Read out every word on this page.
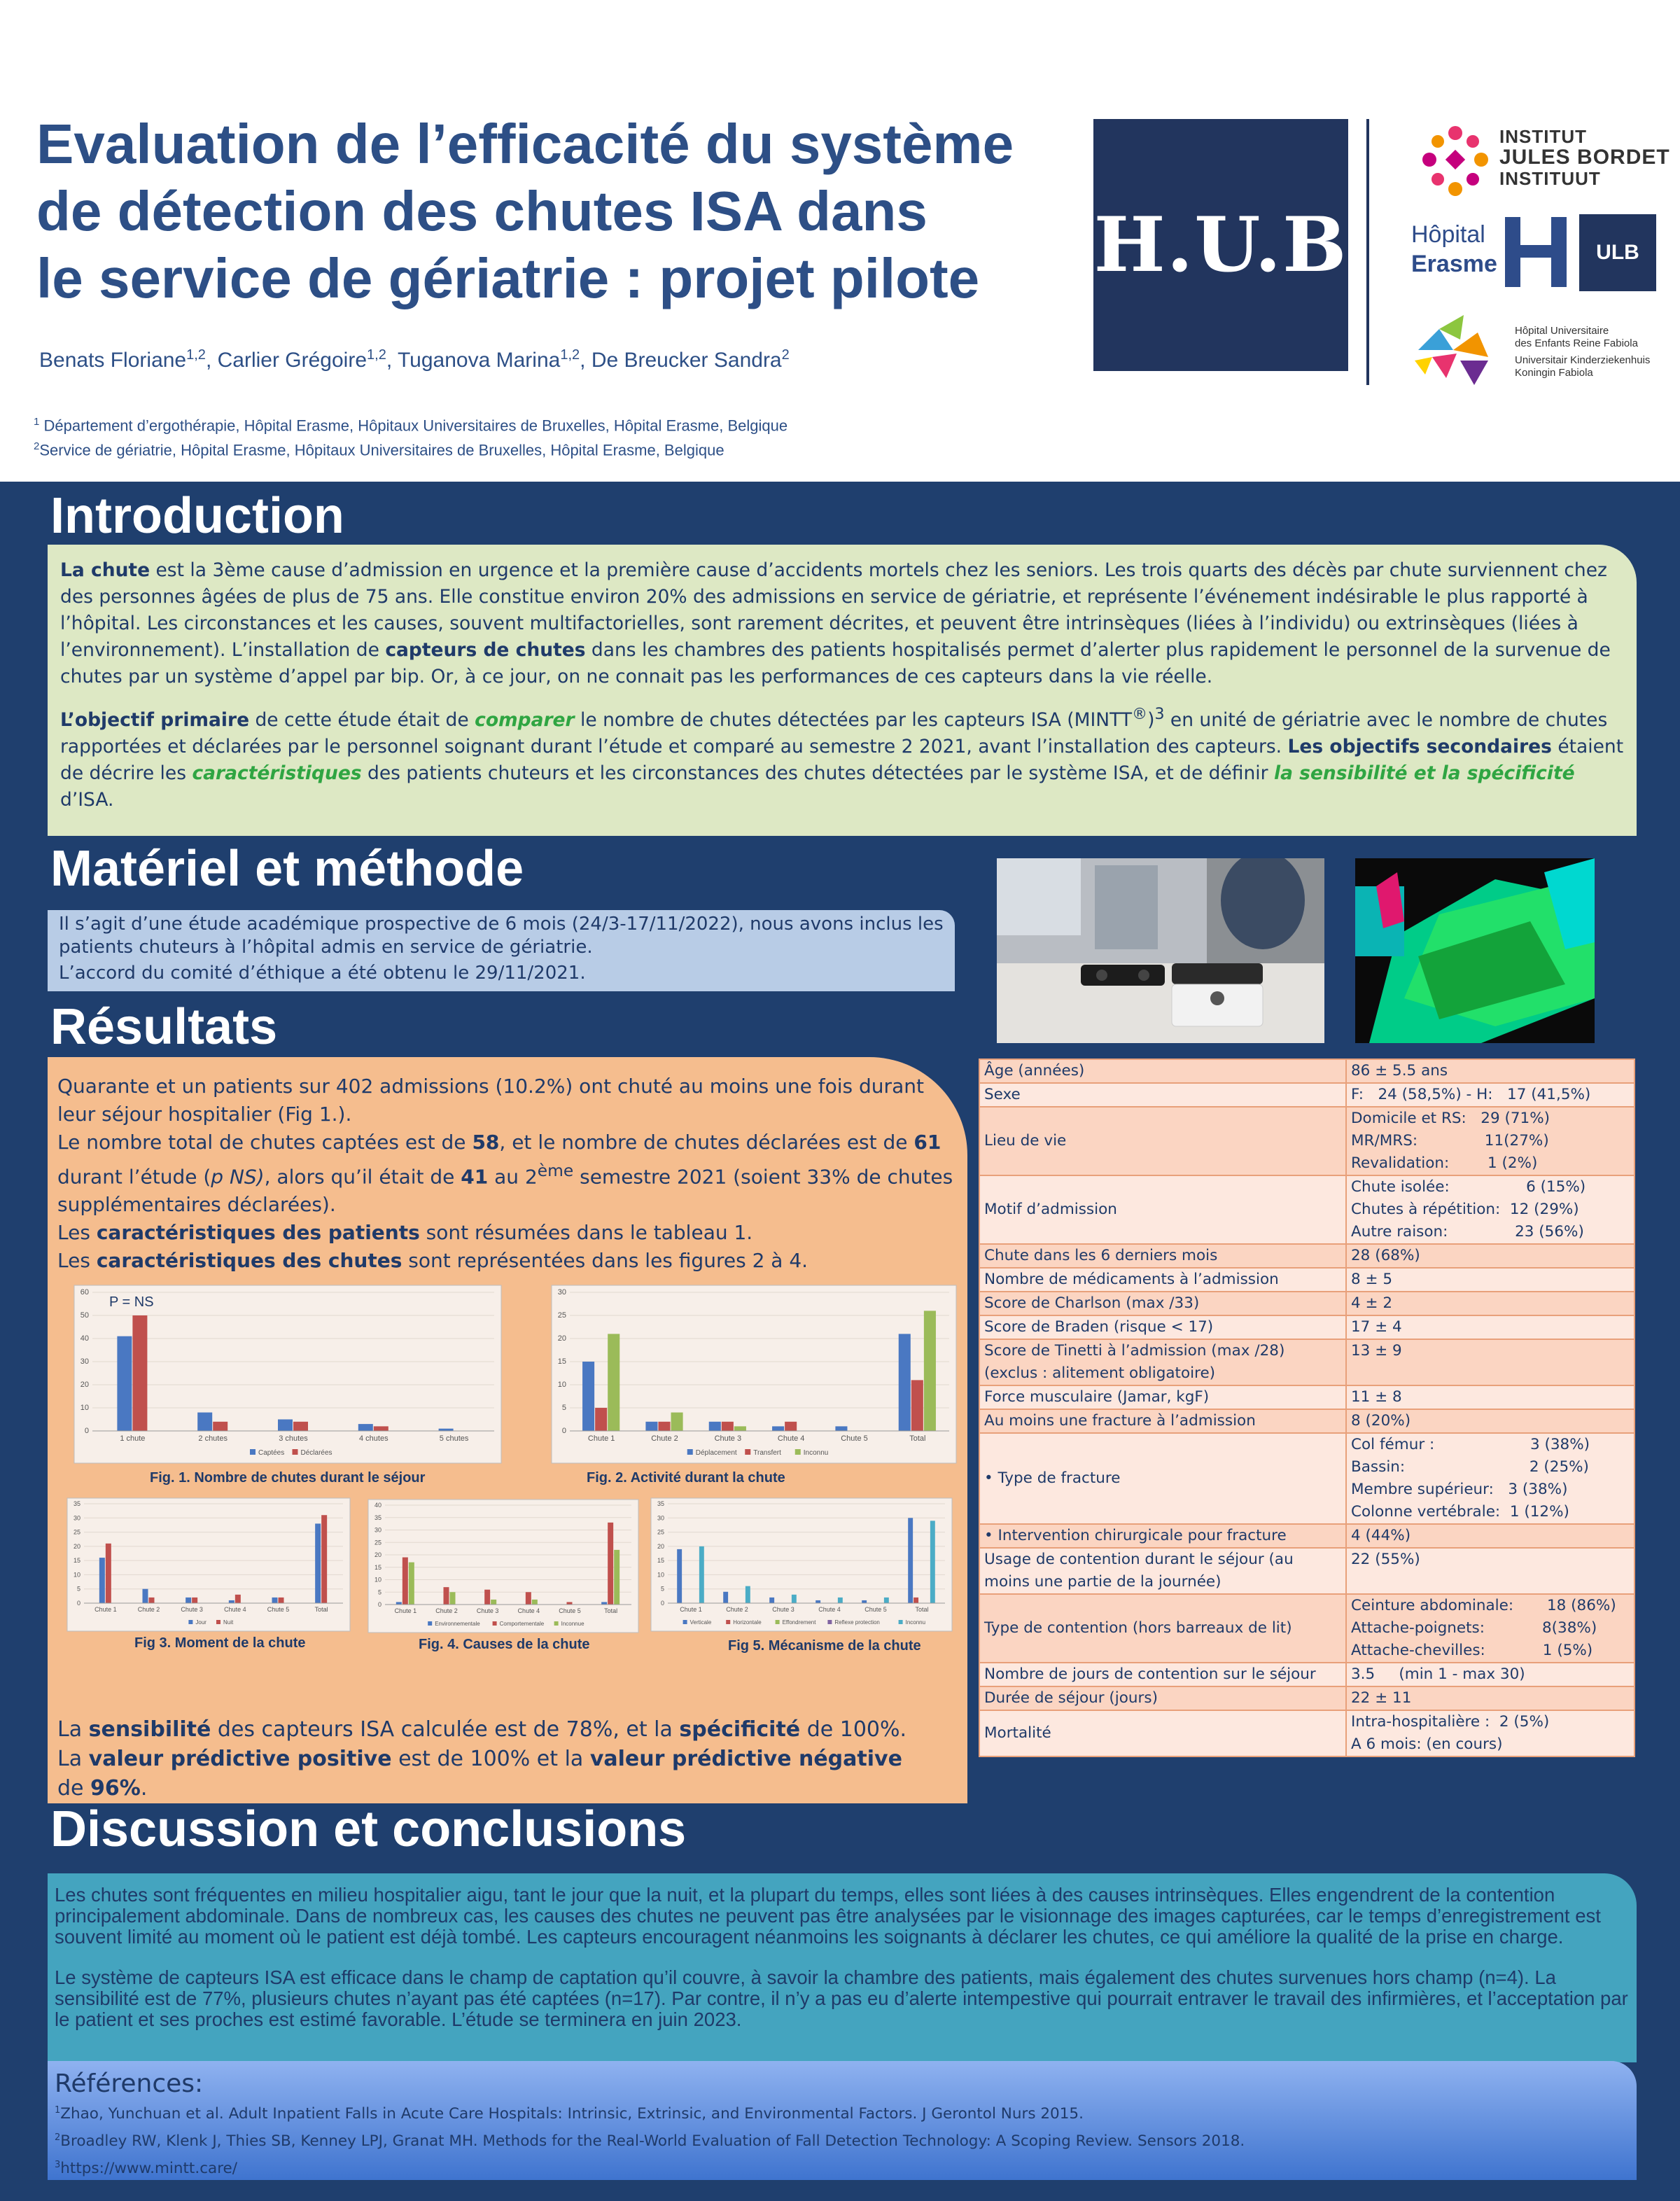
Evaluation de l’efficacité du système
de détection des chutes ISA dans
le service de gériatrie : projet pilote
Benats Floriane$^{1,2}$, Carlier Grégoire$^{1,2}$, Tuganova Marina$^{1,2}$, De Breucker Sandra$^2$
$^1$ Département d’ergothérapie, Hôpital Erasme, Hôpitaux Universitaires de Bruxelles, Hôpital Erasme, Belgique
$^2$Service de gériatrie, Hôpital Erasme, Hôpitaux Universitaires de Bruxelles, Hôpital Erasme, Belgique
H.U.B
INSTITUT
JULES BORDET
INSTITUUT
Hôpital
Erasme	ULB
Hôpital Universitaire
des Enfants Reine Fabiola
Universitair Kinderziekenhuis
Koningin Fabiola
Introduction

La chute est la 3ème cause d’admission en urgence et la première cause d’accidents mortels chez les seniors. Les trois quarts des décès par chute surviennent chez des personnes âgées de plus de 75 ans. Elle constitue environ 20% des admissions en service de gériatrie, et représente l’événement indésirable le plus rapporté à l’hôpital. Les circonstances et les causes, souvent multifactorielles, sont rarement décrites, et peuvent être intrinsèques (liées à l’individu) ou extrinsèques (liées à l’environnement). L’installation de capteurs de chutes dans les chambres des patients hospitalisés permet d’alerter plus rapidement le personnel de la survenue de chutes par un système d’appel par bip. Or, à ce jour, on ne connait pas les performances de ces capteurs dans la vie réelle.

L’objectif primaire de cette étude était de comparer le nombre de chutes détectées par les capteurs ISA (MINTT®)$^3$ en unité de gériatrie avec le nombre de chutes rapportées et déclarées par le personnel soignant durant l’étude et comparé au semestre 2 2021, avant l’installation des capteurs. Les objectifs secondaires étaient de décrire les caractéristiques des patients chuteurs et les circonstances des chutes détectées par le système ISA, et de définir la sensibilité et la spécificité d’ISA.

Matériel et méthode

Il s’agit d’une étude académique prospective de 6 mois (24/3-17/11/2022), nous avons inclus les patients chuteurs à l’hôpital admis en service de gériatrie.

L’accord du comité d’éthique a été obtenu le 29/11/2021.

Résultats

Quarante et un patients sur 402 admissions (10.2%) ont chuté au moins une fois durant leur séjour hospitalier (Fig 1.).

Le nombre total de chutes captées est de 58, et le nombre de chutes déclarées est de 61 durant l’étude (p NS), alors qu’il était de 41 au 2ème semestre 2021 (soient 33% de chutes supplémentaires déclarées).

Les caractéristiques des patients sont résumées dans le tableau 1.

Les caractéristiques des chutes sont représentées dans les figures 2 à 4.

La sensibilité des capteurs ISA calculée est de 78%, et la spécificité de 100%. La valeur prédictive positive est de 100% et la valeur prédictive négative de 96%.

0
10
20
30
40
50
60
1 chute	2 chutes	3 chutes	4 chutes	5 chutes
Captées Déclarées
P = NS
Fig. 1. Nombre de chutes durant le séjour
0
5
10
15
20
25
30
Chute 1	Chute 2	Chute 3	Chute 4	Chute 5	Total
Déplacement Transfert	Inconnu
Fig. 2. Activité durant la chute
0
5
10
15
20
25
30
35
Chute 1	Chute 2	Chute 3	Chute 4	Chute 5	Total
Jour	Nuit
Fig 3. Moment de la chute
0
5
10
15
20
25
30
35
40
Chute 1	Chute 2	Chute 3	Chute 4	Chute 5	Total
Environnementale	Comportementale	Inconnue
Fig. 4. Causes de la chute
0
5
10
15
20
25
30
35
Chute 1	Chute 2	Chute 3	Chute 4	Chute 5	Total
Verticale	Horizontale	Effondrement	Reflexe protection	Inconnu
Fig 5. Mécanisme de la chute
Âge (années)	86 ± 5.5 ans

Sexe	F:   24 (58,5%) - H:   17 (41,5%)

Lieu de vie	Domicile et RS:   29 (71%)
MR/MRS:              11(27%)
Revalidation:        1 (2%)

Motif d’admission	Chute isolée:                6 (15%)
Chutes à répétition:  12 (29%)
Autre raison:              23 (56%)

Chute dans les 6 derniers mois	28 (68%)

Nombre de médicaments à l’admission	8 ± 5

Score de Charlson (max /33)	4 ± 2

Score de Braden (risque < 17)	17 ± 4

Score de Tinetti à l’admission (max /28)
(exclus : alitement obligatoire)	13 ± 9

Force musculaire (Jamar, kgF)	11 ± 8

Au moins une fracture à l’admission	8 (20%)

• Type de fracture	Col fémur :                    3 (38%)
Bassin:                          2 (25%)
Membre supérieur:   3 (38%)
Colonne vertébrale:  1 (12%)

• Intervention chirurgicale pour fracture	4 (44%)

Usage de contention durant le séjour (au
moins une partie de la journée)	22 (55%)

Type de contention (hors barreaux de lit)	Ceinture abdominale:       18 (86%)
Attache-poignets:            8(38%)
Attache-chevilles:            1 (5%)

Nombre de jours de contention sur le séjour	3.5     (min 1 - max 30)

Durée de séjour (jours)	22 ± 11

Mortalité	Intra-hospitalière :  2 (5%)
A 6 mois: (en cours)
Discussion et conclusions

Les chutes sont fréquentes en milieu hospitalier aigu, tant le jour que la nuit, et la plupart du temps, elles sont liées à des causes intrinsèques. Elles engendrent de la contention principalement abdominale. Dans de nombreux cas, les causes des chutes ne peuvent pas être analysées par le visionnage des images capturées, car le temps d’enregistrement est souvent limité au moment où le patient est déjà tombé. Les capteurs encouragent néanmoins les soignants à déclarer les chutes, ce qui améliore la qualité de la prise en charge.

Le système de capteurs ISA est efficace dans le champ de captation qu’il couvre, à savoir la chambre des patients, mais également des chutes survenues hors champ (n=4). La sensibilité est de 77%, plusieurs chutes n’ayant pas été captées (n=17). Par contre, il n’y a pas eu d’alerte intempestive qui pourrait entraver le travail des infirmières, et l’acceptation par le patient et ses proches est estimé favorable. L’étude se terminera en juin 2023.

Références:
$^1$Zhao, Yunchuan et al. Adult Inpatient Falls in Acute Care Hospitals: Intrinsic, Extrinsic, and Environmental Factors. J Gerontol Nurs 2015.
$^2$Broadley RW, Klenk J, Thies SB, Kenney LPJ, Granat MH. Methods for the Real-World Evaluation of Fall Detection Technology: A Scoping Review. Sensors 2018.
$^3$https://www.mintt.care/
